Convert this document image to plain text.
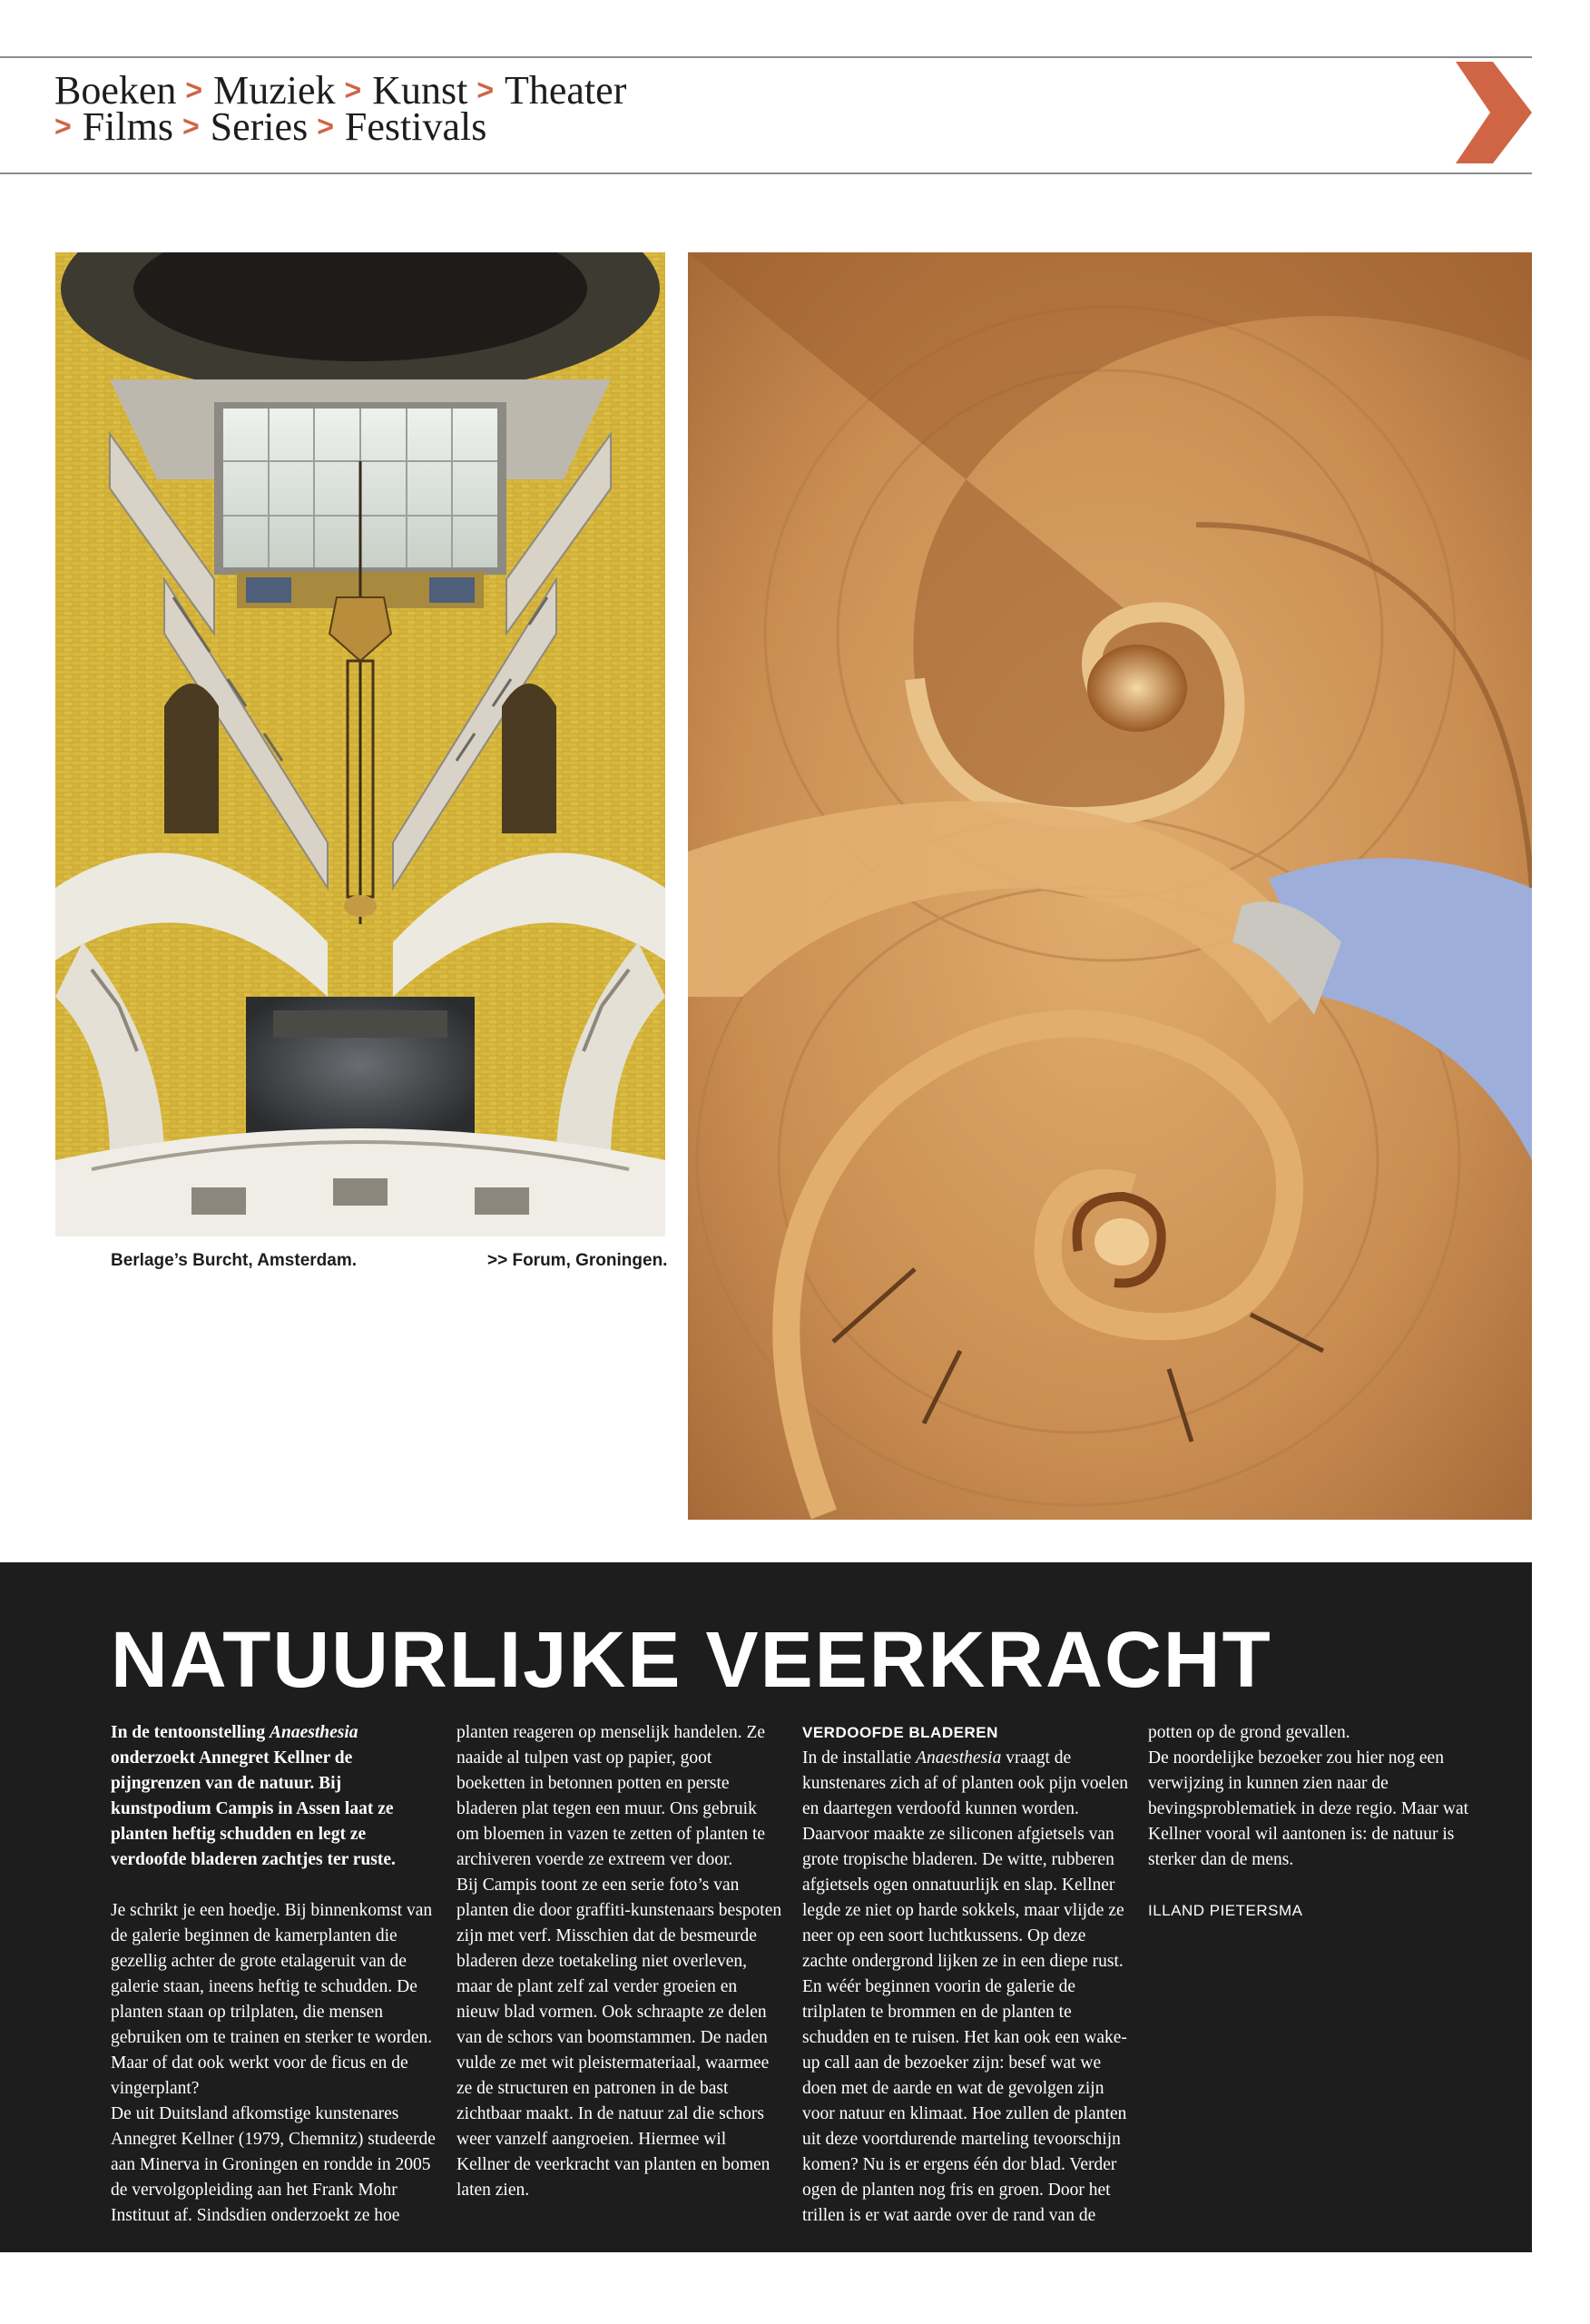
Boeken > Muziek > Kunst > Theater
> Films > Series > Festivals
Berlage’s Burcht, Amsterdam.	>> Forum, Groningen.
NATUURLIJKE VEERKRACHT

In de tentoonstelling Anaesthesia onderzoekt Annegret Kellner de pijngrenzen van de natuur. Bij kunstpodium Campis in Assen laat ze planten heftig schudden en legt ze verdoofde bladeren zachtjes ter ruste.

Je schrikt je een hoedje. Bij binnenkomst van de galerie beginnen de kamerplanten die gezellig achter de grote etalageruit van de galerie staan, ineens heftig te schudden. De planten staan op trilplaten, die mensen gebruiken om te trainen en sterker te worden. Maar of dat ook werkt voor de ficus en de vingerplant?

De uit Duitsland afkomstige kunstenares Annegret Kellner (1979, Chemnitz) studeerde aan Minerva in Groningen en rondde in 2005 de vervolgopleiding aan het Frank Mohr Instituut af. Sindsdien onderzoekt ze hoe

planten reageren op menselijk handelen. Ze naaide al tulpen vast op papier, goot boeketten in betonnen potten en perste bladeren plat tegen een muur. Ons gebruik om bloemen in vazen te zetten of planten te archiveren voerde ze extreem ver door.

Bij Campis toont ze een serie foto’s van planten die door graffiti-kunstenaars bespoten zijn met verf. Misschien dat de besmeurde bladeren deze toetakeling niet overleven, maar de plant zelf zal verder groeien en nieuw blad vormen. Ook schraapte ze delen van de schors van boomstammen. De naden vulde ze met wit pleistermateriaal, waarmee ze de structuren en patronen in de bast zichtbaar maakt. In de natuur zal die schors weer vanzelf aangroeien. Hiermee wil Kellner de veerkracht van planten en bomen laten zien.

VERDOOFDE BLADEREN

In de installatie Anaesthesia vraagt de kunstenares zich af of planten ook pijn voelen en daartegen verdoofd kunnen worden. Daarvoor maakte ze siliconen afgietsels van grote tropische bladeren. De witte, rubberen afgietsels ogen onnatuurlijk en slap. Kellner legde ze niet op harde sokkels, maar vlijde ze neer op een soort luchtkussens. Op deze zachte ondergrond lijken ze in een diepe rust.

En wéér beginnen voorin de galerie de trilplaten te brommen en de planten te schudden en te ruisen. Het kan ook een wake-up call aan de bezoeker zijn: besef wat we doen met de aarde en wat de gevolgen zijn voor natuur en klimaat. Hoe zullen de planten uit deze voortdurende marteling tevoorschijn komen? Nu is er ergens één dor blad. Verder ogen de planten nog fris en groen. Door het trillen is er wat aarde over de rand van de

potten op de grond gevallen.

De noordelijke bezoeker zou hier nog een verwijzing in kunnen zien naar de bevingsproblematiek in deze regio. Maar wat Kellner vooral wil aantonen is: de natuur is sterker dan de mens.

ILLAND PIETERSMA
